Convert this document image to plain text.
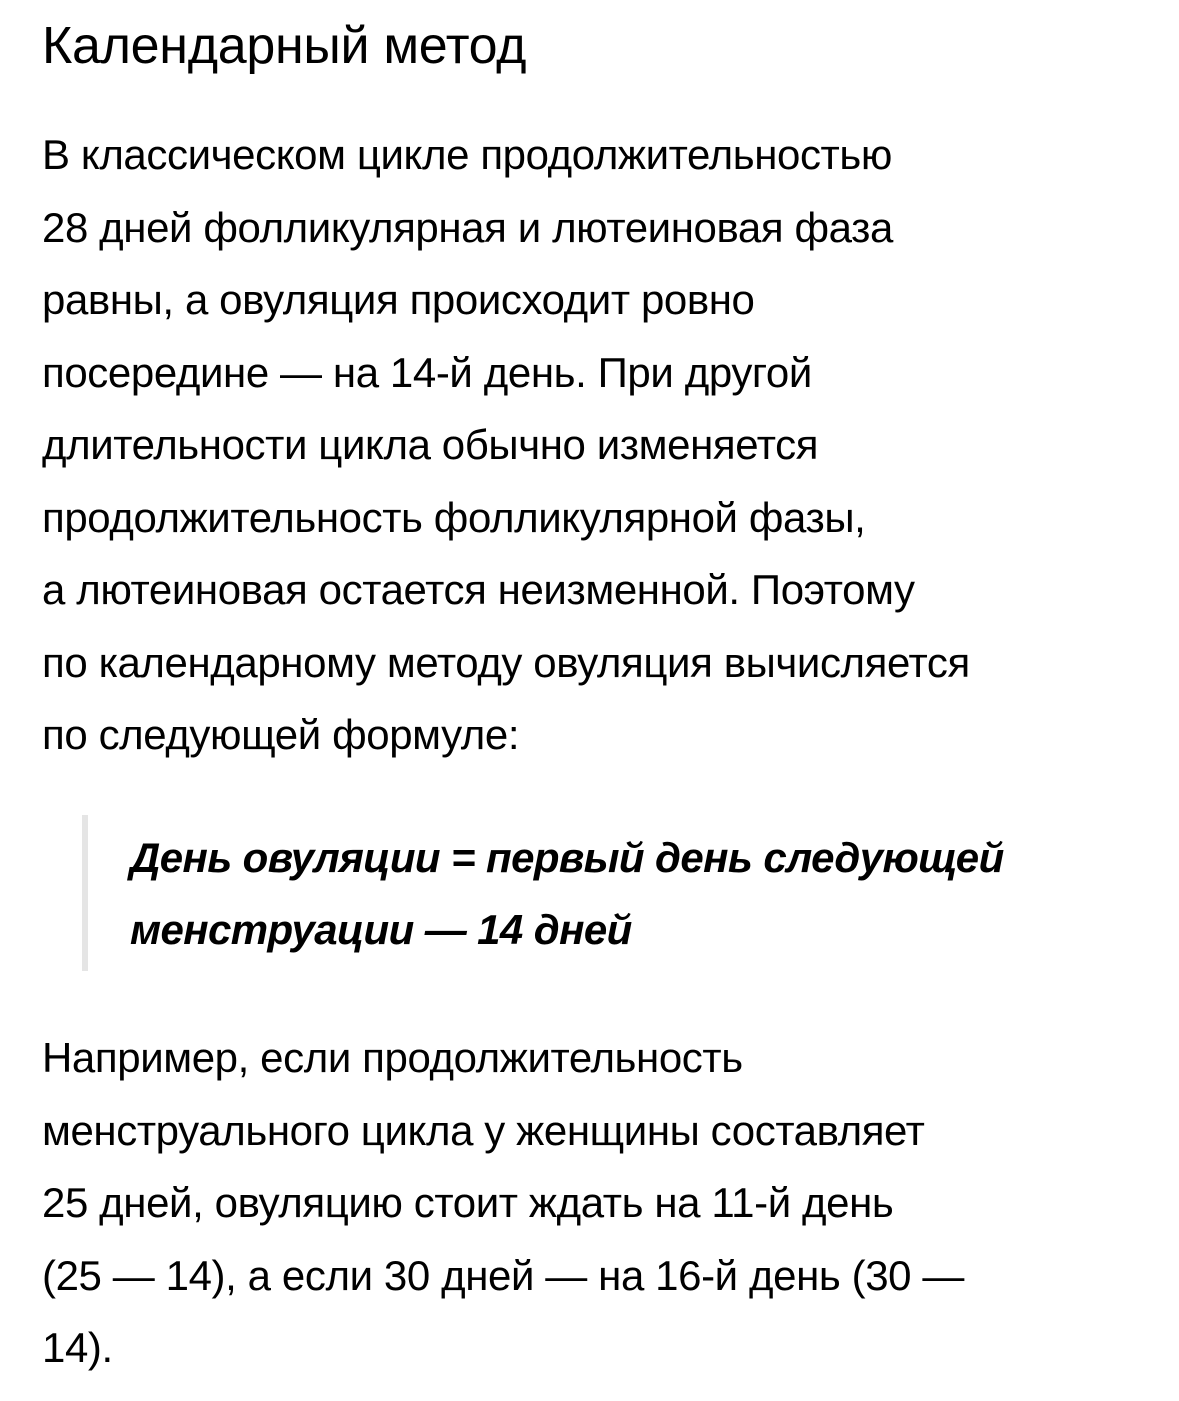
Календарный метод

В классическом цикле продолжительностью
28 дней фолликулярная и лютеиновая фаза
равны, а овуляция происходит ровно
посередине — на 14-й день. При другой
длительности цикла обычно изменяется
продолжительность фолликулярной фазы,
а лютеиновая остается неизменной. Поэтому
по календарному методу овуляция вычисляется
по следующей формуле:

День овуляции = первый день следующей
менструации — 14 дней

Например, если продолжительность
менструального цикла у женщины составляет
25 дней, овуляцию стоит ждать на 11-й день
(25 — 14), а если 30 дней — на 16-й день (30 —
14).
